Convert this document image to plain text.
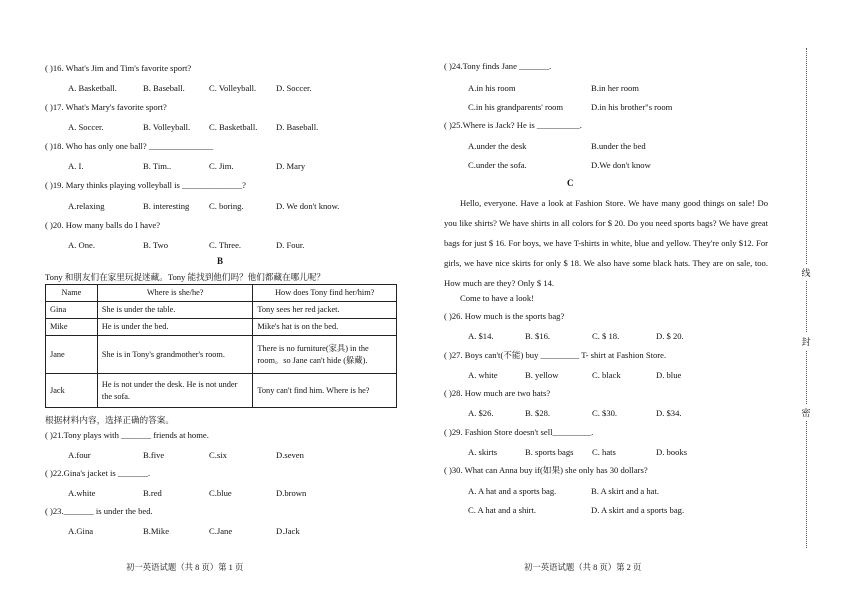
( )16. What's Jim and Tim's favorite sport?
A. Basketball.	B. Baseball.	C. Volleyball. D. Soccer.
( )17. What's Mary's favorite sport?
A. Soccer.	B. Volleyball. C. Basketball. D. Baseball.
( )18. Who has only one ball? _______________
A. I.	B. Tim..	C. Jim.	D. Mary
( )19. Mary thinks playing volleyball is ______________?
A.relaxing	B. interesting C. boring.	D. We don't know.
( )20. How many balls do I have?
A. One.	B. Two	C. Three.	D. Four.
B
Tony 和朋友们在家里玩捉迷藏。Tony 能找到他们吗？他们都藏在哪儿呢？
Name	Where is she/he?	How does Tony find her/him?
Gina	She is under the table.	Tony sees her red jacket.
Mike	He is under the bed.	Mike's hat is on the bed.
Jane	She is in Tony's grandmother's room.	There is no furniture(家具) in the room。so Jane can't hide (躲藏).
Jack	He is not under the desk. He is not under the sofa.	Tony can't find him. Where is he?
根据材料内容，选择正确的答案。
( )21.Tony plays with _______ friends at home.
A.four	B.five	C.six	D.seven
( )22.Gina's jacket is _______.
A.white	B.red	C.blue	D.brown
( )23._______ is under the bed.
A.Gina	B.Mike	C.Jane	D.Jack
初一英语试题（共 8 页）第 1 页
( )24.Tony finds Jane _______.
A.in his room	B.in her room
C.in his grandparents' room	D.in his brother"s room
( )25.Where is Jack? He is __________.
A.under the desk	B.under the bed
C.under the sofa.	D.We don't know
C
Hello, everyone. Have a look at Fashion Store. We have many good things on sale! Do you like shirts? We have shirts in all colors for $ 20. Do you need sports bags? We have great bags for just $ 16. For boys, we have T-shirts in white, blue and yellow. They're only $12. For girls, we have nice skirts for only $ 18. We also have some black hats. They are on sale, too. How much are they? Only $ 14.
Come to have a look!
( )26. How much is the sports bag?
A. $14.	B. $16.	C. $ 18.	D. $ 20.
( )27. Boys can't(不能) buy _________ T- shirt at Fashion Store.
A. white	B. yellow	C. black	D. blue
( )28. How much are two hats?
A. $26.	B. $28.	C. $30.	D. $34.
( )29. Fashion Store doesn't sell_________.
A. skirts	B. sports bags C. hats	D. books
( )30. What can Anna buy if(如果) she only has 30 dollars?
A. A hat and a sports bag.	B. A skirt and a hat.
C. A hat and a shirt.	D. A skirt and a sports bag.
初一英语试题（共 8 页）第 2 页
线
封
密
